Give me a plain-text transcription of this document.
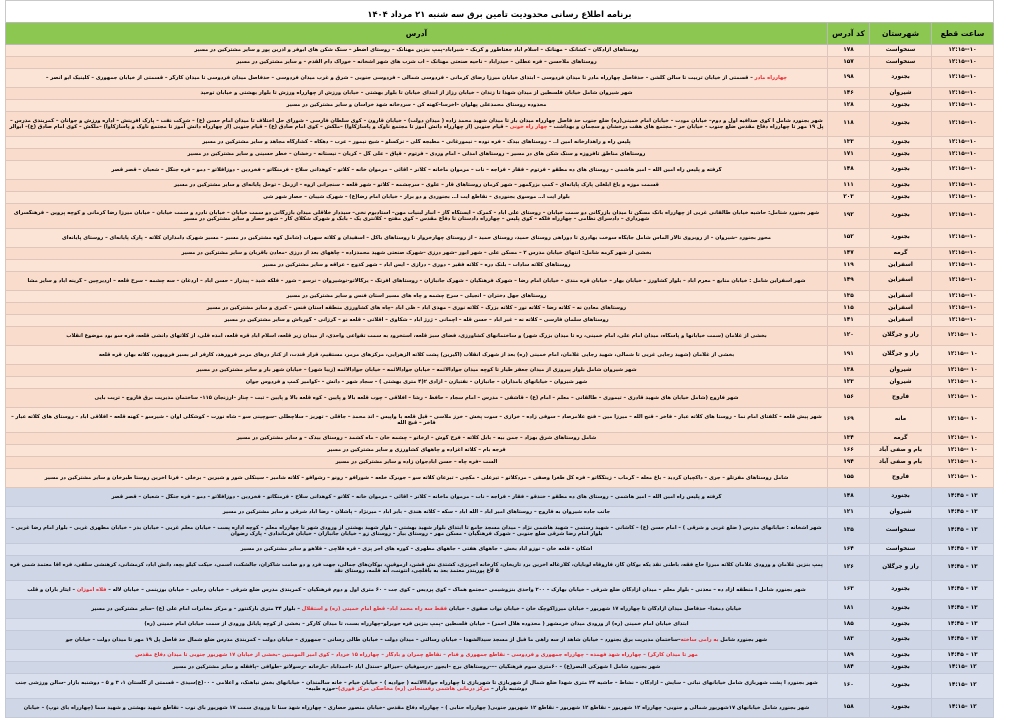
برنامه اطلاع رسانی محدودیت تامین برق سه شنبه ۲۱ مرداد ۱۴۰۴			
ساعت قطع	شهرستان	کد آدرس	آدرس
۱۰--۱۲:۱۵	سنخواست	۱۷۸	روستاهای آزادگان – کشانک – مهنانک – اسلام آباد جغتاطور و کربک – شیرآباد–پمپ بنزین مهنانک – روستای اضطر – سنگ شکن های ابوفر و آذرین پور و سایر مشترکین در مسیر

۱۰--۱۲:۱۵	سنخواست	۱۵۷	روستاهای ملاحسن – فره عطلی – حیدرآباد – ناحیه صنعتی مهنانک – آب شرب های شهر آشخانه – خوراک دام القدم – و سایر مشترکین در مسیر

۱۰--۱۲:۱۵	بجنورد	۱۹۸	چهارراه مادر – قسمتی از خیابان تربیت تا سالن گلشن – حدفاصل چهارراه مادر تا میدان فردوسی – ابتدای خیابان میرزا رضای کرمانی – فردوسی شمالی – فردوسی جنوبی – شرق و غرب میدان فردوسی – حدفاصل میدان فردوسی تا میدان کارگر – قسمتی از خیابان جمهوری – کلینیک ابو انصر –

۱۰--۱۲:۱۵	شیروان	۱۴۶	شهر شیروان شامل خیابان فلسطین از میدان شهدا تا زندان – خیابان رزاز از ابتدای خیابان تا بلوار بهشتی – خیابان ورزش از چهارراه ورزش تا بلوار بهشتی و خیابان توحید

۱۰--۱۲:۱۵	بجنورد	۱۲۸	محدوده روستای محمدعلی پهلوان –اخرسا–کهنه کن – سردخانه شهد خراسان و سایر مشترکین در مسیر

۱۰--۱۲:۱۵	بجنورد	۱۱۸	شهر بجنورد شامل ا کوی صدافیه اول و دوم– خیابان مودت – خیابان امام خمینی(ره) ضلع جنوب حد فاصل چهارراه میدان بار تا میدان شهید محمد زاده ( میدان دولت) – خیابان قارون – کوی سلطان فارسی – شورای حل اختلاف تا میدان امام حسن (ع) – شرکت نفت – پارک آفرینش – اداره ورزش و جوانان – کمربندی مدرس –پل ۱۹ مهر تا چهارراه دفاع مقدس ضلع جنوب – خیابان حر – مجتمع های هفت درخشان و سجمان و بهداشت – چهار راه خونی – قیام جنوبی (از چهارراه دانش آموز تا مجتمع ناوک و پاساژکاوا) –ملکش – کوی امام صادق (ع) – قیام جنوبی (از چهارراه دانش آموز تا مجتمع ناوک و پاساژکاوا) –ملکش – کوی امام صادق (ع)– ابوالر

۱۰--۱۲:۱۵	بجنورد	۱۳۳	پلیس راه و راهدارخانه امین ا.. – روستاهای بیدک – فره نوده – نیمورغانی – مطبجه گلی – نرکسلو – شیخ نیمور – عرب – دهکاه – کشارگاه مجاهد و سایر مشترکین در مسیر

۱۰--۱۲:۱۵	بجنورد	۱۷۱	روستاهای مناطق تافروزه و سنگ شکن های در مسیر – روستاهای امدلی – امام وردی – فرتوم – قپاق – علی گل – کربان – نیستانه – رخشان – خطر حسینی و سایر مشترکین در مسیر

۱۰--۱۲:۱۵	بجنورد	۱۴۸	گرفته و پلیس راه امین الله – امیر هاشمی – روستای های ده مطقو – فرتوم – فقار – فراجه – نات – مرموان ماخانه – کلانر – آقائی – مرموان خانه – کلاتو – کوهدانی سلاخ – فرمنگاتو – فخردین – دوزافلاتو – دمو – فره جنگل – شعبان – قصر قصر

۱۰--۱۲:۱۵	بجنورد	۱۱۱	قسمت موزه و باغ ابلغلی پارک پایانه‌ای – کمپ بزرگمهر – شهر کرمان روستاهای قار – علوی – سرچشمه – کلاتو – شهر قلعه – سنجرانی ازوه – ازرمل – توحل پایانه‌ای و سایر مشترکین در مسیر

۱۰--۱۲:۱۵	بجنورد	۲۰۳	بلوار آیت ا… موسوی بجنوردی – نقاطع آیت ا… بجنوردی و دو برار – خیابان امام رضا(ع) – شهرک شیبان – حصار شهر شی

۱۰--۱۲:۱۵	بجنورد	۱۹۲	شهر بجنورد شتامل: حاشیه خیابان طالقانی غربی از چهارراه بانک مسکن تا میدان بازرگانی دو سمت خیابان – روستای علی آباد – کمرک – ایستگاه گاز – انبار لبنیات مهن– استادبوم نخی– سیددار خلاقلی میدان بازرگانی دو سمت خیابان – خیابان نادرد و سمت خیابان – خیابان میرزا رضا کرمانی و کوچه پروین – فرهنگسرای شهرداری – دادسرای نظامی – چهارراه فلکه – کوی پلیس – چهارراه دادستان تا دفاع مقدس – کوی مفتح – کلانتری یک – بابک و شهرک شکلای کار – شهر حصار و سایر مشترکین در مسیر

۱۰--۱۲:۱۵	بجنورد	۱۵۲	محور بجنورد –شیروان – از روبروی تالار الماس شامل جایگاه سوخت بهادری تا دوراهی روستای حمید، روستای حمید – از روستای چهارخروار تا روستاهای باکل – اسفیدان و کلاته سهراب (شامل کوه مشترکین در مسیر – مسیر شهرک دامداران کلاته – پارک پایانه‌ای – روستای پایانه‌ای

۱۰--۱۲:۱۵	گرمه	۱۴۷	بخشی از شهر گرمه شامل: انتهای خیابان مدرس ۲ – مسکن علی – شهر ابور –شهر درزی –شهرک صنعتی شهید محمدزاده – چاههای بعد از درزی –معادن باقربان و سایر مشترکین در مسیر

۱۰--۱۲:۱۵	اسفراین	۱۱۹	روستاهای کلاته سادات – بلنک دره – کلاته فقیر – دوری – درازی – ایس آباد – شهر کدوج – عراقه و سایر مشترکین در مسیر

۱۰--۱۲:۱۵	اسفراین	۱۴۹	شهر اسفراین شامل : خیابان منابع – معرم آباد – بلوار کشاورز – خیابان بهار – خیابان قره مندی – خیابان امام رضا – شهرک فرهنگیان – شهرک جانبازان – روستاهای افرنگ – یرگالاتو-نوشیروان – نرسو – شور – فلکه شید – پیدراز – حسن آباد – اردغان – سه چشمه – سرخ قلعه – اردیرچین – گرینه آباد و سایر مشا

۱۰--۱۲:۱۵	اسفراین	۱۳۵	روستاهای جهل دختران – انجیلی – سرخ چشمه و چاه های مسیر استان فنس و سایر مشترکین در مسیر

۱۰--۱۲:۱۵	اسفراین	۱۱۵	روستاهای معادن نه – کلاته رضا – کلاته نور – کلاته بزرگ – کلاته نوری – مهدی آباد – ظی آباد –چاه های کشاورزی منطقه استان فنس – کبری و سایر مشترکین در مسیر

۱۰--۱۲:۱۵	اسفراین	۱۴۱	روستاهای سلمان فارسی – کلاته نه – غیر آباد – حسن قله – آچمانی – ژرژ آباد – شکاوی – آقلاتی – قلعه نو – گرزانی – گورباش و سایر مشترکین در مسیر

۱۰ --۱۲:۱۵	راز و جرگلان	۱۲۰	بخشی از غلامان (سمت خیابانها و پاسگاه، میدان امام علی، امام خمینی، ره تا میدان بزرگ شهر) و ساختمانهای کشاورزی، فضای سبز قلعه، استخرود به سمت تقواعی واحدی، از میدان زیر قلعه، اسلام آباد قره قلعه، آمده قلی، از کلاتهای دانشی قلعه، قره سو بود موضوع انقلاب

۱۰ --۱۲:۱۵	راز و جرگلان	۱۹۱	بخشی از غلامان (شهید رجایی غربی تا شمالی، شهید رجایی غلامان، امام خمینی (ره) بعد از شهرک انقلاب (اگیرین) پشت کلاته الزهرایی، مرکزهای مرمر، مستقیم، قرار قندت، از کنار درهای مرمر فرورهد، کارفر ابر بسیر فروبهرد، کلاته بهار، قره قلعه

۱۰ --۱۲:۱۵	شیروان	۱۳۸	شهر شیروان شامل بلوار پیروزی از میدان جعفر طیار تا کوچه میدان جوادالائمه – خیابان جوادالائمه – خیابان جوادالائمه (زیبا شهر) – خیابان شهر بار و سایر مشترکین در مسیر

۱۰ --۱۲:۱۵	شیروان	۱۲۳	شهر شیروان – خیابانهای بامداران – جانبازان – نفتیازن – آزادی ۲(۴ متری بهشتی ) – سجاد شهر – دانش – –کوامیر کمپ و فردوس جوان

۱۰ --۱۲:۱۵	فاروج	۱۵۶	شهر فاروج (شامل خیابان های شهید قادری – تیموری – طالقانی – معلم – امام (ع) – قاشقی – مدرس – امام سجاد – حافظ – رشا – افلاقی – چوب قلعه بالا و پایین – کوه قلعه بالا و پایین – تبت – چنار –ارزنجان ۱۱۵– ساختمان مدیریت برق فاروج – تربت بایی

۱۰ --۱۲:۱۵	مانه	۱۶۹	شهر پیش قلعه – کلفتای امام نما – روستا های کلاته عبار – فاخر – قنج الله – میرزا مین – فنج علامرصاد – سوفی زاده – خرازی – سوت پخش – خرز ملاسی – قیل قلعه با واپیس – آند محمد – جاقلی – تهریز – سلاچطلی –سوچینی سو – شاه نورت – کوشکلی اوان – شیرسو – کهنه قلعه – افلاقی آباد – روستای های کلاته عبار – فاخر – قبچ الله

۱۰ --۱۲:۱۵	گرمه	۱۳۴	شامل روستاهای شرق بهزاد – جمن بیه – بابل کلاته – فرخ گوش – آرخاتو – چشمه خان – ماه کشمد – روستای بیدک – و سایر مشترکین در مسیر

۱۰ --۱۲:۱۵	بام و صفی آباد	۱۶۶	فرجه بام – کلاته آغزاده و چاههای کشاورزی و سایر مشترکین در مسیر

۱۰ --۱۲:۱۵	بام و صفی آباد	۱۹۴	الست –فره چاه – حسن آبادجوان زاده و سایر مشترکین در مسیر

۱۰ --۱۲:۱۵	فاروج	۱۵۵	شامل روستاهای مفرتلو – جری – داکچیان گردید – باغ معله – گرماب – زینگگاتو – فره کل طغرا وصفی – مردکلاتو – تیرعلی – مکچی – تبرعان کلاته سو – جوبرگ خلعه – شورافو – رونو – رشوافو – کلاته شامیر – سینکلی شور و شیرین – برخلی – فرنا آخرین روستا طبرخان و سایر مشترکین در مسیر

۱۳ – ۱۴:۴۵	بجنورد	۱۴۸	گرفته و پلیس راه امین الله – امیر هاشمی – روستای های ده مطقو – خندقو – فقار – فراجه – نات – مرموان ماخانه – کلانر – آقائی – مرموان خانه – کلاتو – کوهدانی سلاخ – فرمنگاتو – فخردین – دوزافلاتو – دمو – فره جنگل – شعبان – قصر قصر

۱۳ – ۱۴:۴۵	شیروان	۱۲۱	جانب جاده شیروان به فاروج – روستاهای امیر آباد – الله آباد – سکه – کلاته هندی – بابر آباد – میرنژاد – پاشلان – رضا آباد شرقی و سایر مشترکین در مسیر

۱۳ – ۱۴:۴۵	سنخواست	۱۳۵	شهر آشخانه : خیابانهای مدرس ( ضلع غربی و شرقی ) – امام حسن (ع) – کاشانی – شهید رستمی – شهید هاشمی نژاد – میدان مسجد جامع تا ابتدای بلوار شهید بهشتی – بلوار شهید بهشتی از ورودی شهر تا چهارراه معلم – کوچه اداره پست – خیابان معلم غربی – خیابان بدر – خیابان مطهری غربی – بلوار امام رضا غربی – بلوار امام رضا شرقی ضلع جنوبی – شهرک فرهنگیان – مسکن مهر – روستای بیار – روستای زو – خیابان جانبازان – خیابان فرماندادی – پارک رضوان

۱۳ – ۱۴:۴۵	سنخواست	۱۶۴	اشکان – قلعه خان – نوزو آباد بخش – جاههای هفتی – جاههای مطهری – کوره های آجر پزی – قره فلاچی – فلاهو و سایر مشترکین در مسیر

۱۳ – ۱۴:۴۵	راز و جرگلان	۱۲۶	پمپ بنزین غلامان و ورودی غلامان کلاته مبرزا حاج فقه، باطنی نقد یکه بوکان گاز، فاروقاه لوبایان، کلارغاله آخرین برد تاریخان، کارخانه آجرپزی، کشتدی نش قشن، آرموقین، بوکان‌های جمالی، جهت فرد و دو صامت شاکران، جالشکت، اسمی، حیکت کیلو بچه، دانش آباد، کرمشانی، کرهنشی سلفی، فره آقا معتمد شمی فره ۵ لاغ پوربندر معتمد بعد به باقلچی، انتونت، آنه قلمه، روستای نقد

۱۳ – ۱۴:۴۵	بجنورد	۱۶۳	شهر بجنورد شامل ا منطقه آزاد ده – معدنی – بلوار معلم – میدان آزادگان ضلع شرقی – خیابان بهارک – ۲۰۰ واحدی بنزوشیمی –مجتمع هماک – کوی پردیس – کوی جت – ۶۰ متری اول و دوم فرهنگیان – کمربندی مدرس ضلع شرقی – خیابان رجایی – خیابان بوزینمی – خیابان لاله – فلاه آموزان – ایثار باران و قلب

۱۳ – ۱۴:۴۵	بجنورد	۱۸۱	خیابان دمغدا– حدفاصل میدان آزادگان تا چهارراه ۱۷ شهریور – خیابان میرزاکوچک خان – خیابان نواب صفوی – خیابان فقط سه راه محمد آباد– قطع امام خمینی (ره) و استقلال – بلوار ۳۴ متری بارکنتور – و مرکز مخابرات امام علی (ع) –سایر مشترکین در مسیر

۱۳ – ۱۴:۴۵	بجنورد	۱۸۵	ابتدای خیابان امام خمینی (ره) از ورودی میدان خرمشهر ( محدوده هلال احمر) – خیابان فلسطین –پمپ بنزین فره جوبرلو–چهارراه بست، تا میدان کارگر – بخشی از کوچه پایانل ورودی از سمت خیابان امام خمینی (ره)

۱۳ – ۱۴:۴۵	بجنورد	۱۸۳	شهر بجنورد شامل به رامی ساخته–ساختمان مدیریت برق بجنورد – خیابان شاهد از سه راهی ما فبل از مسجد سیدالشهدا – خیابان رسالتی – میدان دولت – خیابان طالی رسانی – جمهوری – خیابان دولت – کمربندی مدرس ضلع شمال حد فاصل پل ۱۹ مهر تا میدان دولت – خیابان جو

۱۳ – ۱۴:۴۵	بجنورد	۱۸۹	مهر تا میدان کارگر) – چهارراه شهد فهمده – چهارراه جمهوری و فردوسی – نقاطع جمهوری و فنام – نقاطع چمران و بادگار – چهارراه ۱۵ خرداد – کوی امیر المومنین –بخشی از خیابان ۱۷ شهریور جنوبی تا میدان دفاع مقدس

۱۲ –۱۴:۱۵	بجنورد	۱۸۴	شهر بجنورد شامل ا شهرکی البصر(ع) – ۶۰متری سوم فرهنگیان –––روستاهای برج –ابجور –درسوفیان –حیزالو –سندل آباد –احمدآباد –بازخانه –رسولانو –طوافی –پافقله و سایر مشترکین در مسیر

۱۲ –۱۴:۱۵	بجنورد	۱۶۰	شهر بجنورد ا پشت شهربازی شامل خیابانهای نباتی – سایش – آزادگان – نشاط – حاشیه ۲۴ متری شهدا ضلع شمال از شهربازی تا شهربازی تا چهارراه جواداالائمه ( جوادیه ) – خیابان خیام – خانه سالمندان – خیابانهای بخش نیاهنک، و اعلامی – ۰۰(ع)سیدی – قسمتی از گلستان ۱، ۳ و ۵ – دوشنبه بازار –سالن ورزشی جنب دوشنبه بازار – مرکز درمانی هاشمی رفسنجانی (ره) مخاصکی مرکز فوری)–حوزه طبیه–

۱۲ –۱۴:۱۵	بجنورد	۱۵۸	شهر بجنورد شامل خیابانهای ۱۷شهریور شمالی و جنوبی– چهارراه ۱۲ شهریور – نقاطع ۱۲ شهریور – نقاطع ۱۲ شهریور جنوبی( چهارراه حنابی ) – چهارراه دفاع مقدس –خیابان منصور حصاری – چهارراه شهد سنا تا ورودی سمت ۱۷ شهریور بای نوب – نقاطع شهید بهشتی و شهید سما (چهارراه بای نوپ) – خیابان
